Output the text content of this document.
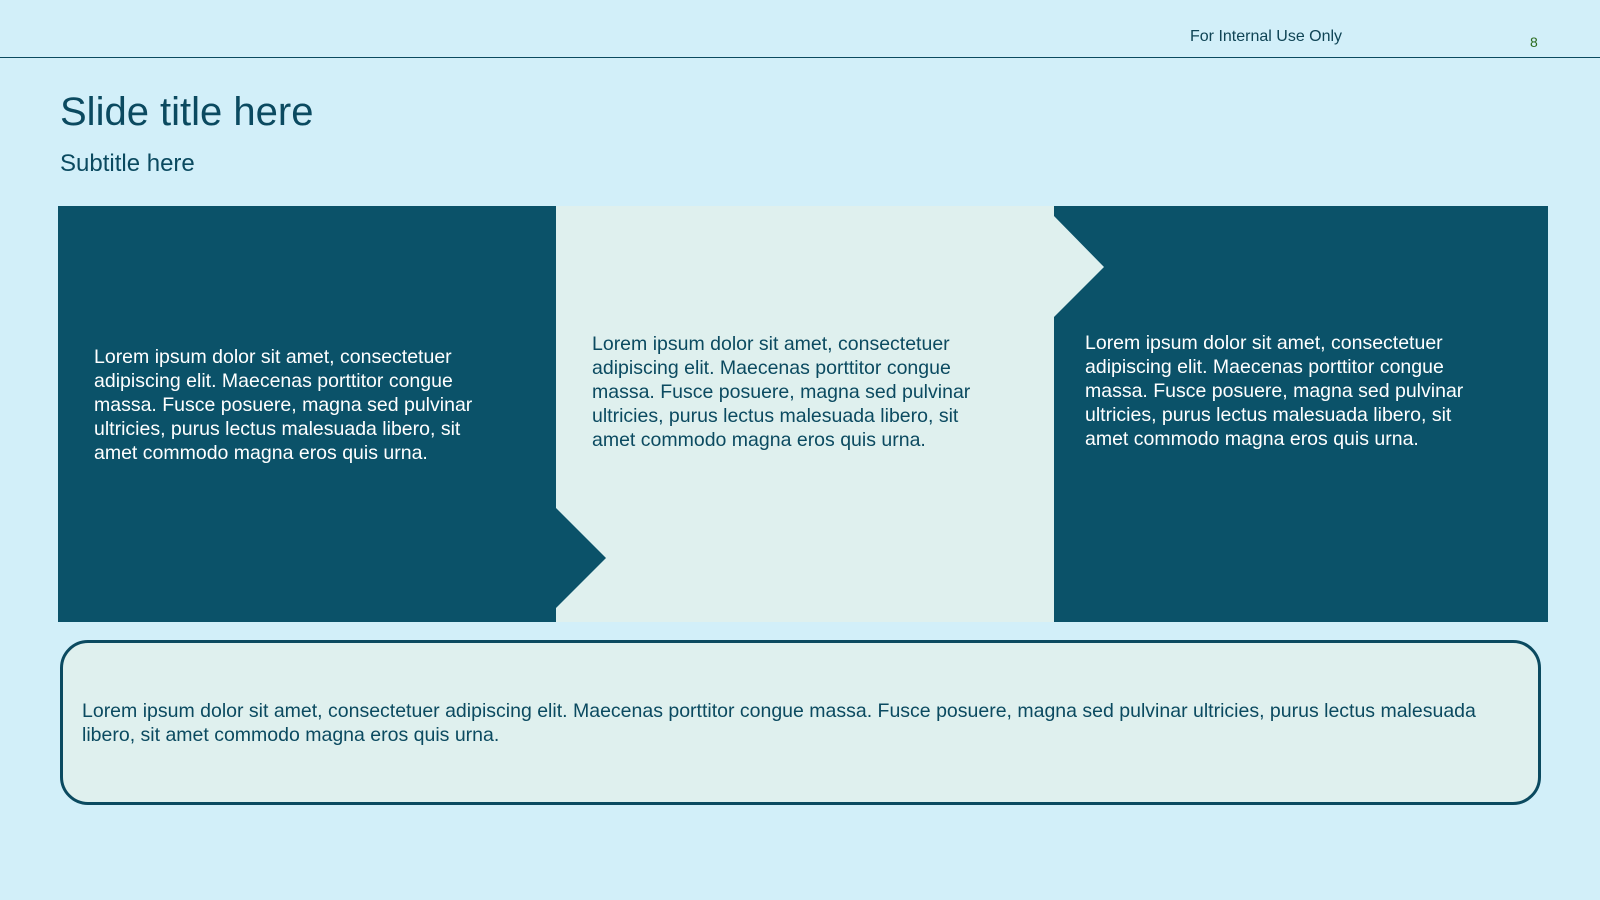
For Internal Use Only	8
Slide title here
Subtitle here
Lorem ipsum dolor sit amet, consectetuer adipiscing elit. Maecenas porttitor congue massa. Fusce posuere, magna sed pulvinar ultricies, purus lectus malesuada libero, sit amet commodo magna eros quis urna.
Lorem ipsum dolor sit amet, consectetuer adipiscing elit. Maecenas porttitor congue massa. Fusce posuere, magna sed pulvinar ultricies, purus lectus malesuada libero, sit amet commodo magna eros quis urna.
Lorem ipsum dolor sit amet, consectetuer adipiscing elit. Maecenas porttitor congue massa. Fusce posuere, magna sed pulvinar ultricies, purus lectus malesuada libero, sit amet commodo magna eros quis urna.
Lorem ipsum dolor sit amet, consectetuer adipiscing elit. Maecenas porttitor congue massa. Fusce posuere, magna sed pulvinar ultricies, purus lectus malesuada libero, sit amet commodo magna eros quis urna.
